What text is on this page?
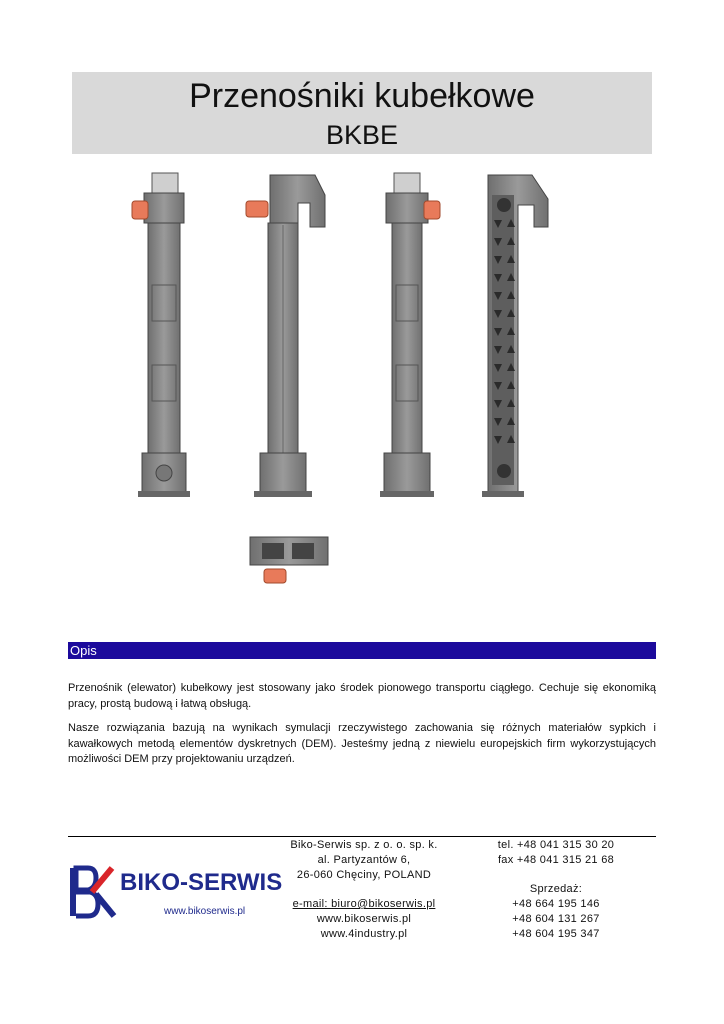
Przenośniki kubełkowe
BKBE
Opis

Przenośnik (elewator) kubełkowy jest stosowany jako środek pionowego transportu ciągłego. Cechuje się ekonomiką pracy, prostą budową i łatwą obsługą.

Nasze rozwiązania bazują na wynikach symulacji rzeczywistego zachowania się różnych materiałów sypkich i kawałkowych metodą elementów dyskretnych (DEM). Jesteśmy jedną z niewielu europejskich firm wykorzystujących możliwości DEM przy projektowaniu urządzeń.

BIKO-SERWIS
www.bikoserwis.pl
Biko-Serwis sp. z o. o. sp. k.
al. Partyzantów 6,
26-060 Chęciny, POLAND
e-mail: biuro@bikoserwis.pl
www.bikoserwis.pl
www.4industry.pl
tel. +48 041 315 30 20
fax +48 041 315 21 68
Sprzedaż:
+48 664 195 146
+48 604 131 267
+48 604 195 347
